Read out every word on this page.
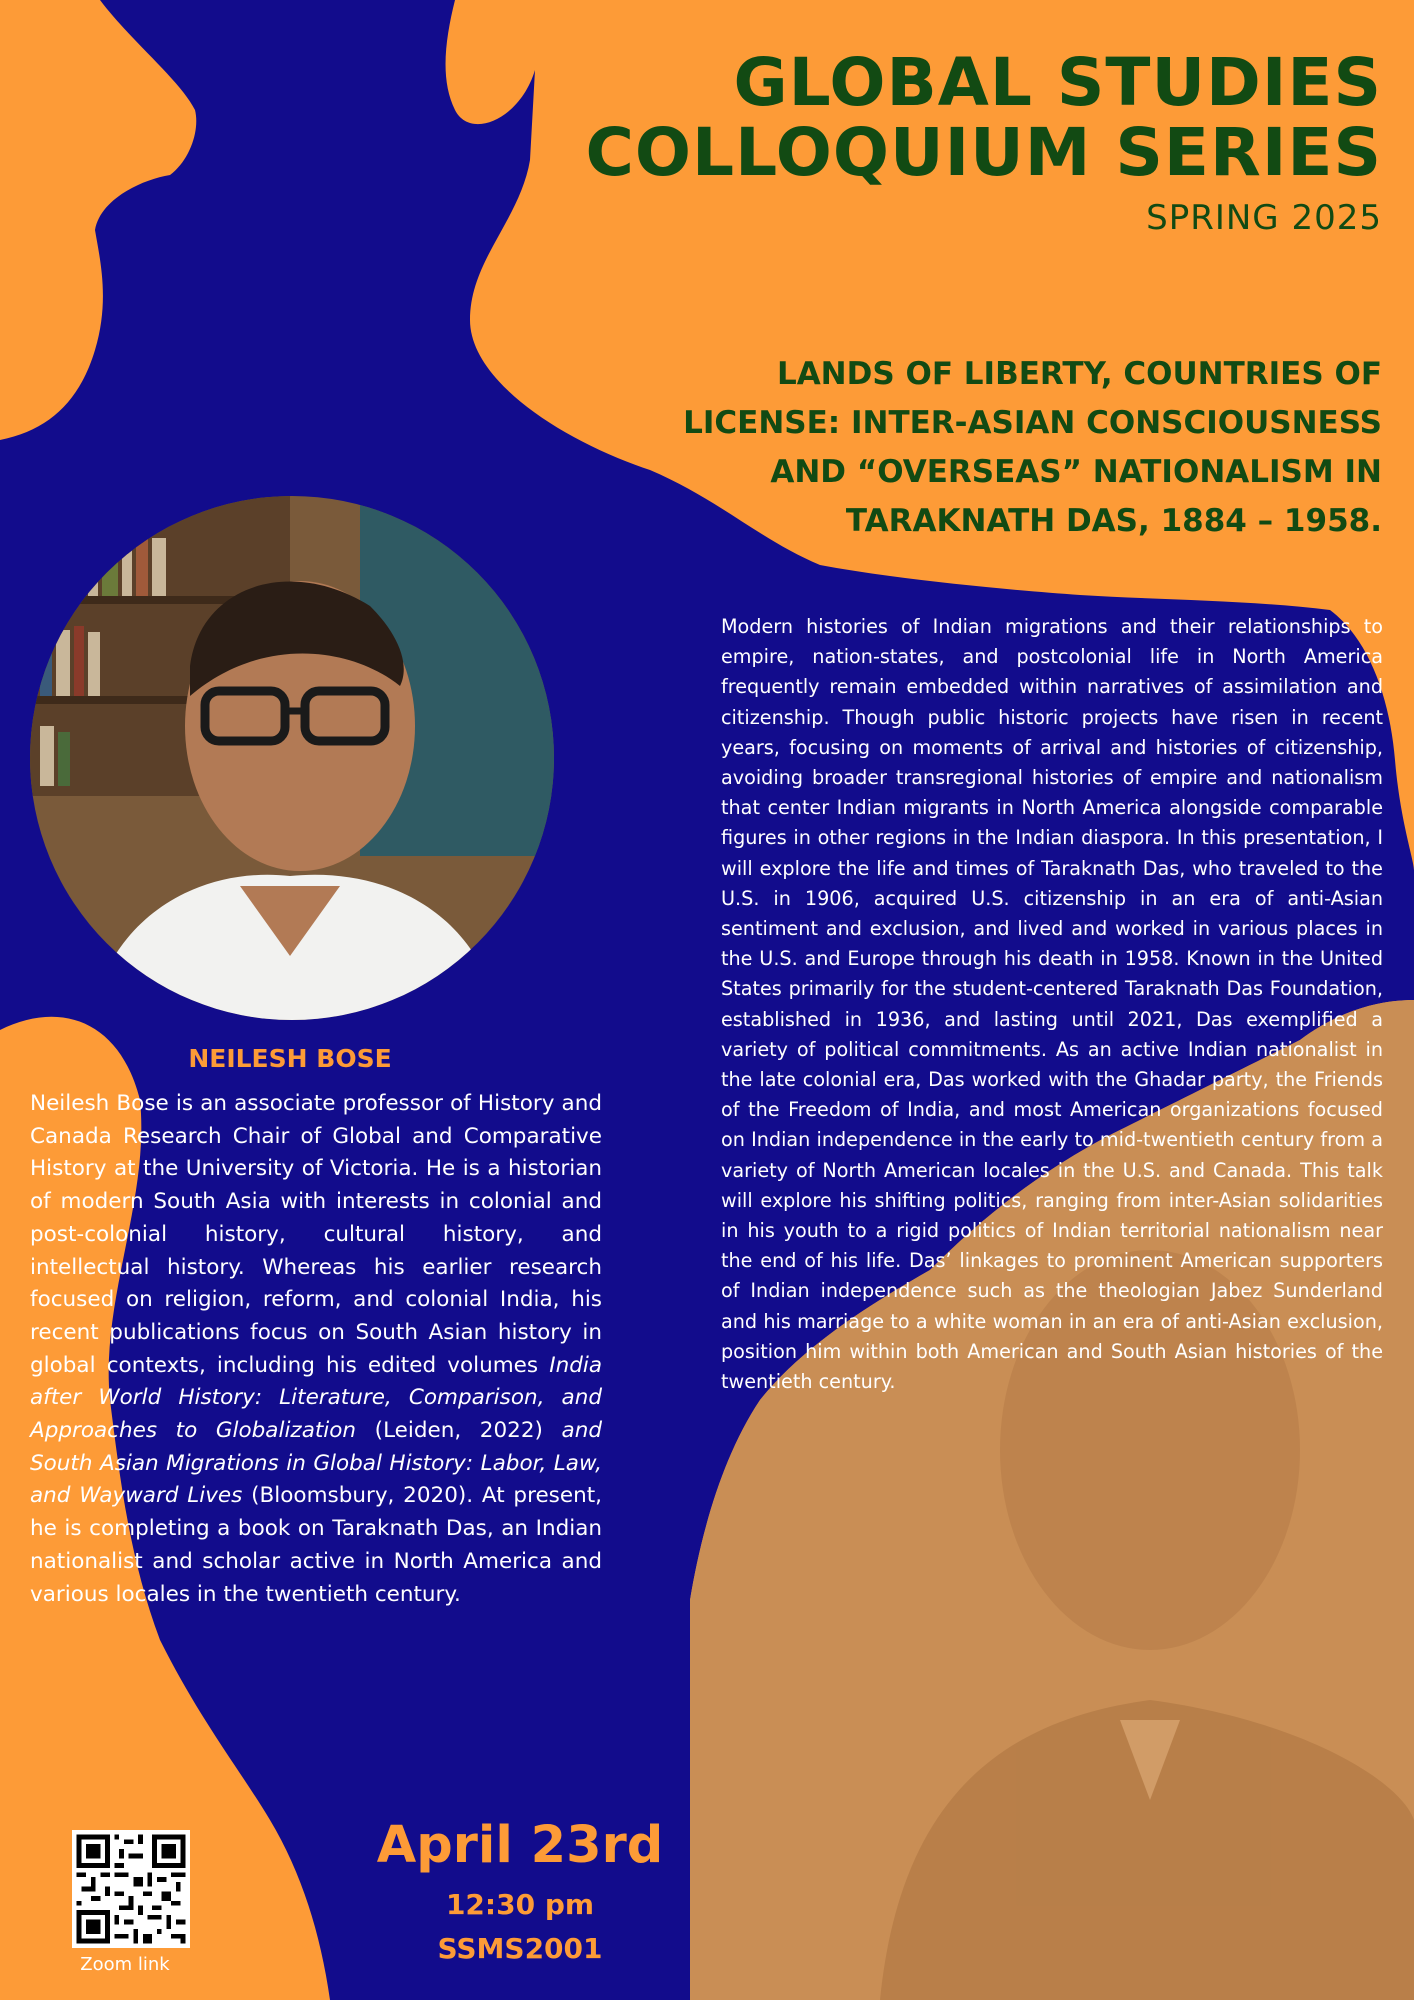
GLOBAL STUDIES
COLLOQUIUM SERIES
SPRING 2025
LANDS OF LIBERTY, COUNTRIES OF LICENSE: INTER-ASIAN CONSCIOUSNESS AND “OVERSEAS” NATIONALISM IN TARAKNATH DAS, 1884 – 1958.

Modern histories of Indian migrations and their relationships to empire, nation-states, and postcolonial life in North America frequently remain embedded within narratives of assimilation and citizenship. Though public historic projects have risen in recent years, focusing on moments of arrival and histories of citizenship, avoiding broader transregional histories of empire and nationalism that center Indian migrants in North America alongside comparable figures in other regions in the Indian diaspora. In this presentation, I will explore the life and times of Taraknath Das, who traveled to the U.S. in 1906, acquired U.S. citizenship in an era of anti-Asian sentiment and exclusion, and lived and worked in various places in the U.S. and Europe through his death in 1958. Known in the United States primarily for the student-centered Taraknath Das Foundation, established in 1936, and lasting until 2021, Das exemplified a variety of political commitments. As an active Indian nationalist in the late colonial era, Das worked with the Ghadar party, the Friends of the Freedom of India, and most American organizations focused on Indian independence in the early to mid-twentieth century from a variety of North American locales in the U.S. and Canada. This talk will explore his shifting politics, ranging from inter-Asian solidarities in his youth to a rigid politics of Indian territorial nationalism near the end of his life. Das’ linkages to prominent American supporters of Indian independence such as the theologian Jabez Sunderland and his marriage to a white woman in an era of anti-Asian exclusion, position him within both American and South Asian histories of the twentieth century.

NEILESH BOSE

Neilesh Bose is an associate professor of History and Canada Research Chair of Global and Comparative History at the University of Victoria. He is a historian of modern South Asia with interests in colonial and post-colonial history, cultural history, and intellectual history. Whereas his earlier research focused on religion, reform, and colonial India, his recent publications focus on South Asian history in global contexts, including his edited volumes India after World History: Literature, Comparison, and Approaches to Globalization (Leiden, 2022) and South Asian Migrations in Global History: Labor, Law, and Wayward Lives (Bloomsbury, 2020). At present, he is completing a book on Taraknath Das, an Indian nationalist and scholar active in North America and various locales in the twentieth century.

Zoom link
April 23rd
12:30 pm
SSMS2001
